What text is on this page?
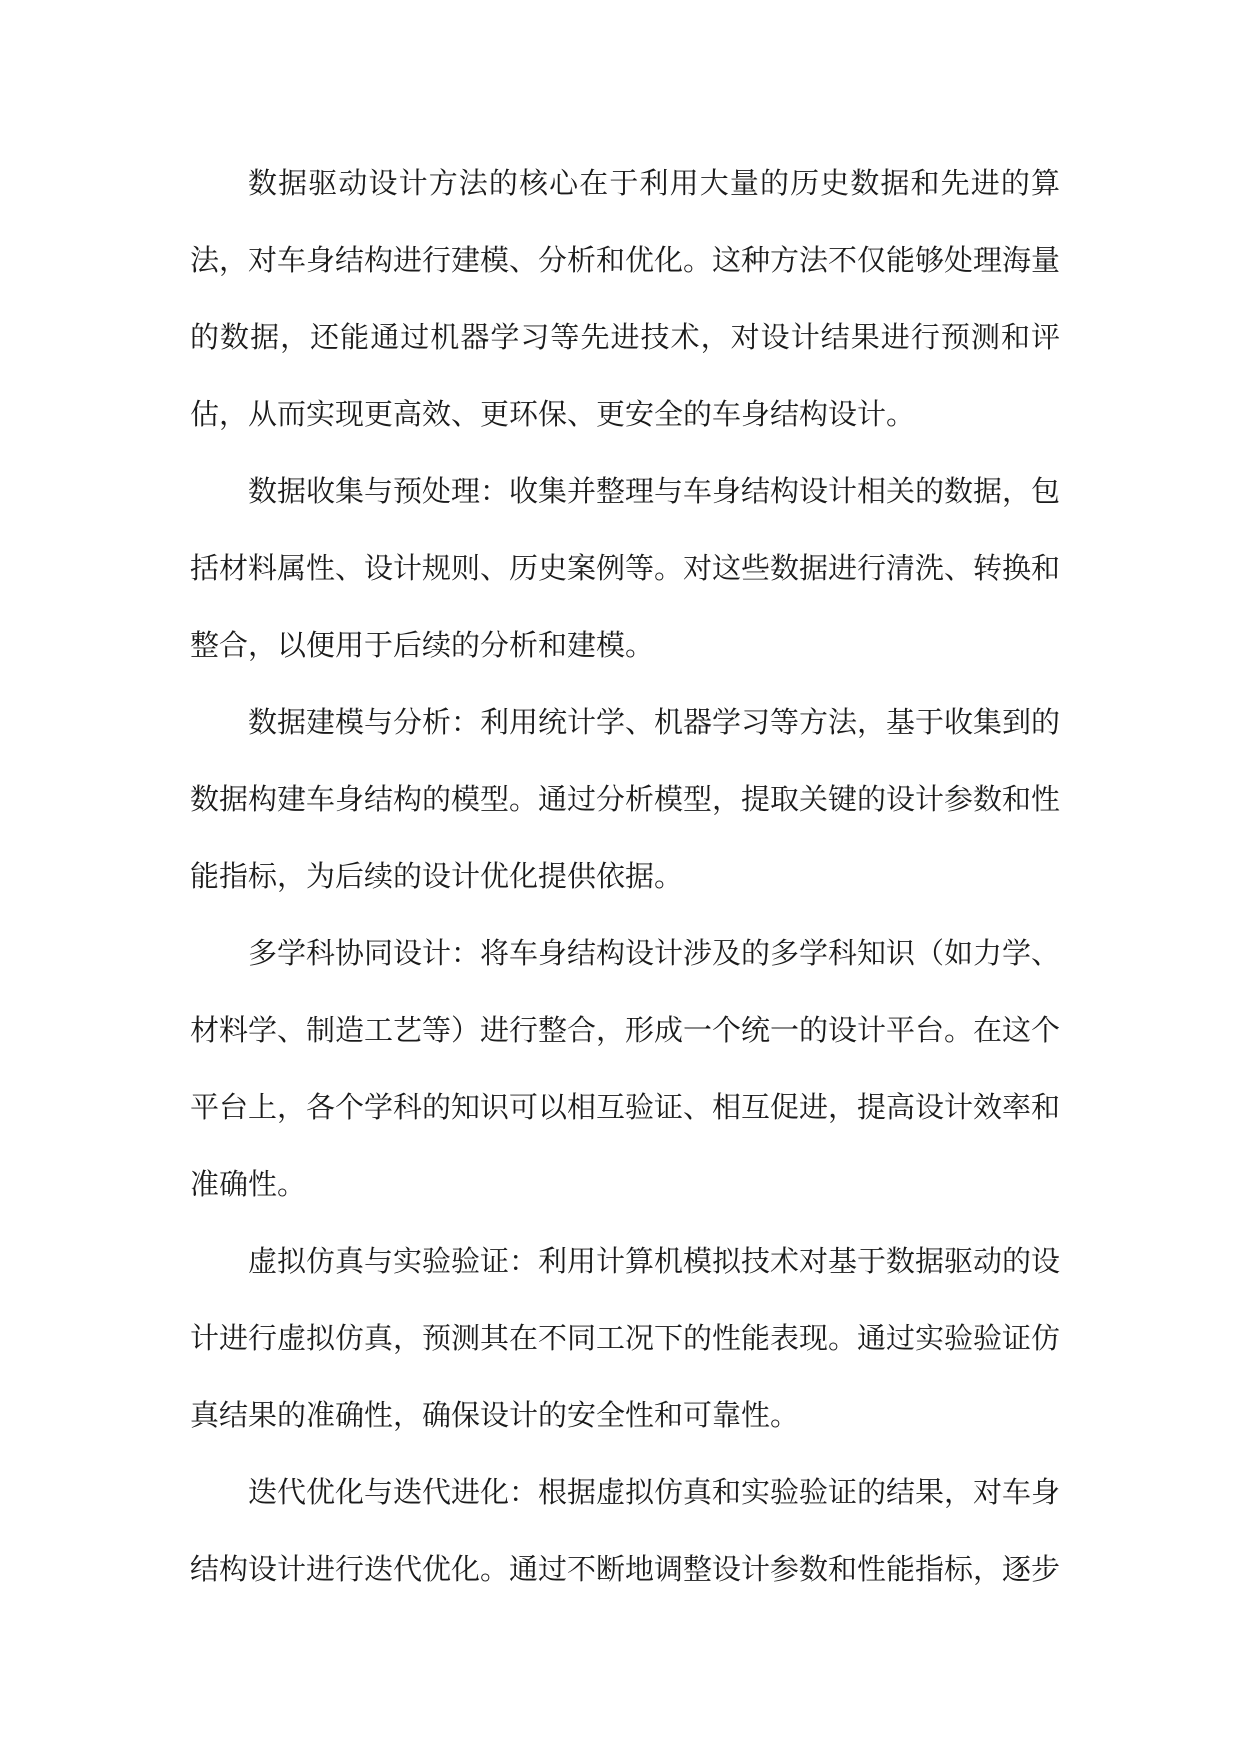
数据驱动设计方法的核心在于利用大量的历史数据和先进的算法，对车身结构进行建模、分析和优化。这种方法不仅能够处理海量的数据，还能通过机器学习等先进技术，对设计结果进行预测和评估，从而实现更高效、更环保、更安全的车身结构设计。

数据收集与预处理：收集并整理与车身结构设计相关的数据，包括材料属性、设计规则、历史案例等。对这些数据进行清洗、转换和整合，以便用于后续的分析和建模。

数据建模与分析：利用统计学、机器学习等方法，基于收集到的数据构建车身结构的模型。通过分析模型，提取关键的设计参数和性能指标，为后续的设计优化提供依据。

多学科协同设计：将车身结构设计涉及的多学科知识（如力学、材料学、制造工艺等）进行整合，形成一个统一的设计平台。在这个平台上，各个学科的知识可以相互验证、相互促进，提高设计效率和准确性。

虚拟仿真与实验验证：利用计算机模拟技术对基于数据驱动的设计进行虚拟仿真，预测其在不同工况下的性能表现。通过实验验证仿真结果的准确性，确保设计的安全性和可靠性。

迭代优化与迭代进化：根据虚拟仿真和实验验证的结果，对车身结构设计进行迭代优化。通过不断地调整设计参数和性能指标，逐步
